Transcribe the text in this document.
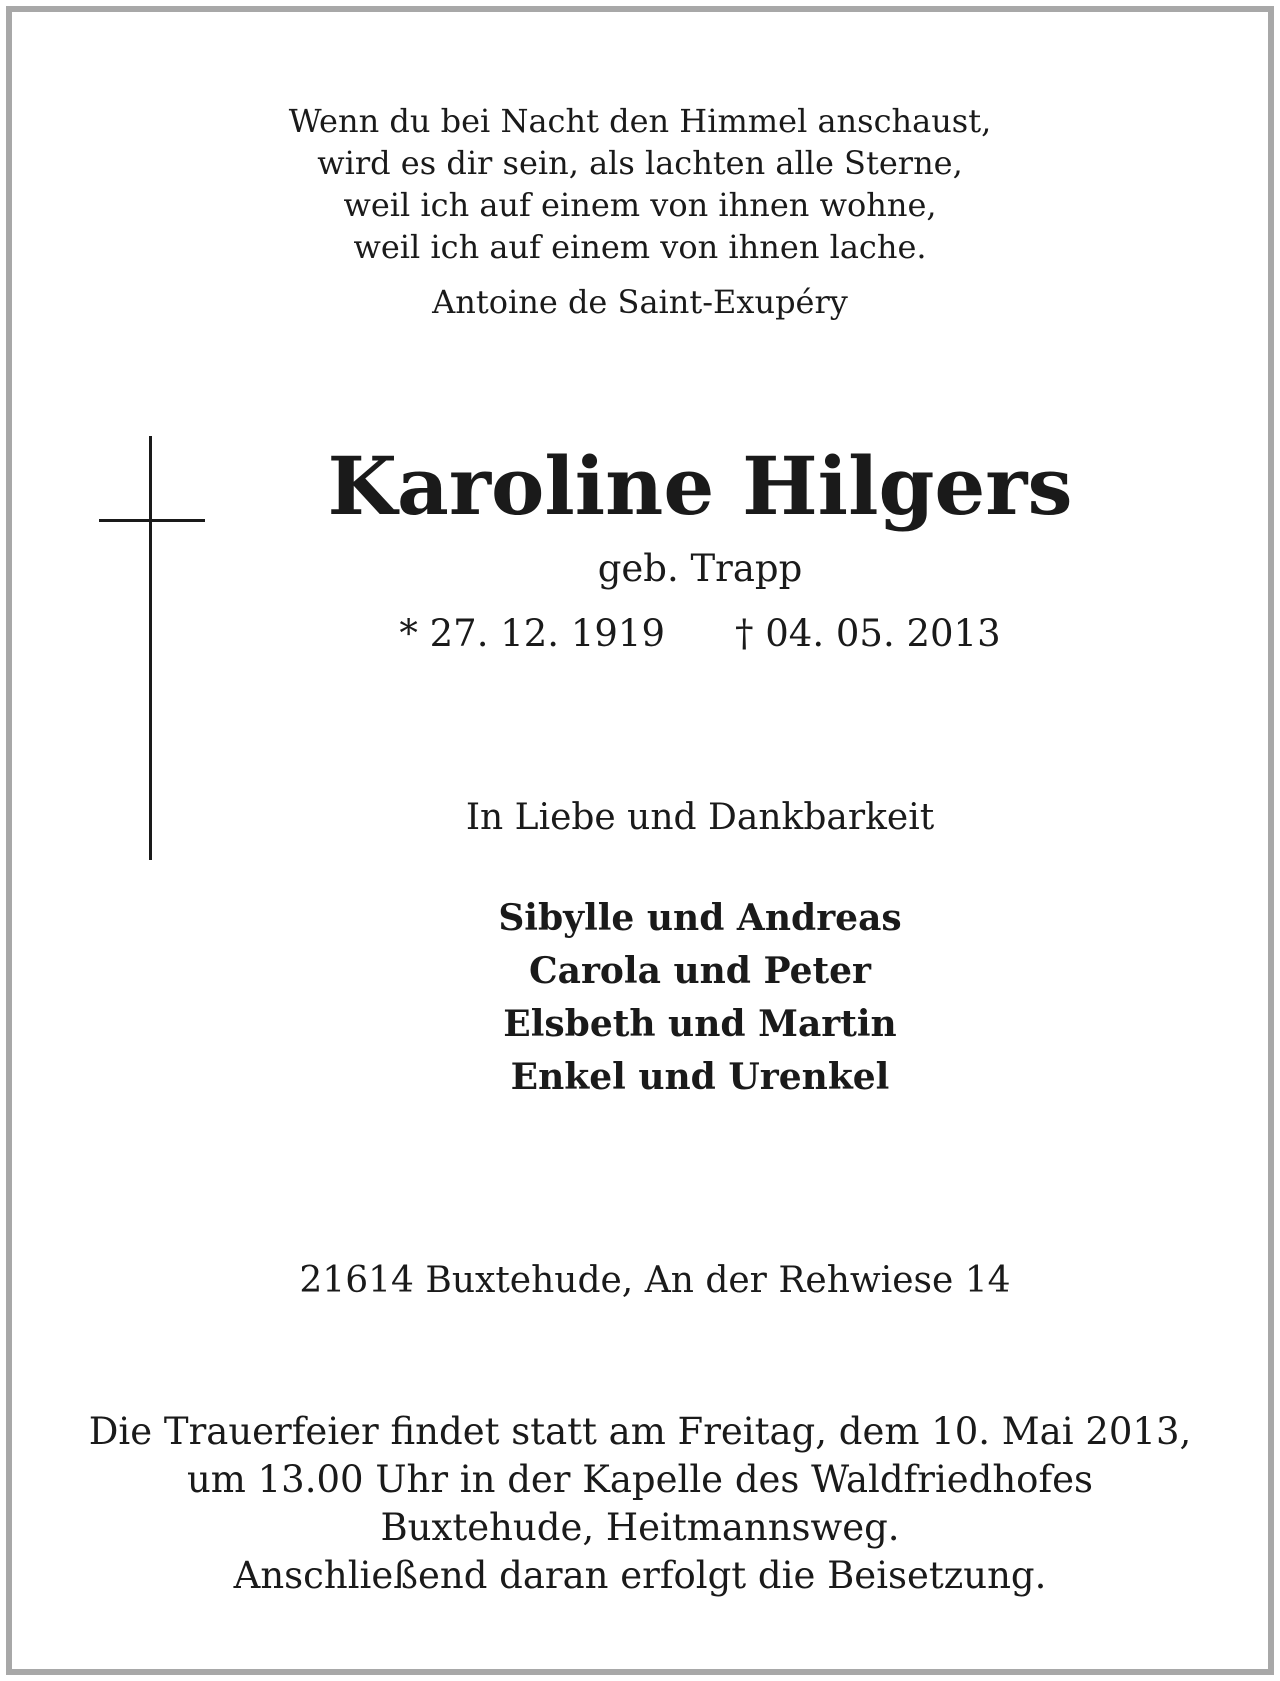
Wenn du bei Nacht den Himmel anschaust,
wird es dir sein, als lachten alle Sterne,
weil ich auf einem von ihnen wohne,
weil ich auf einem von ihnen lache.
Antoine de Saint-Exupéry
Karoline Hilgers
geb. Trapp
* 27. 12. 1919 † 04. 05. 2013
In Liebe und Dankbarkeit
Sibylle und Andreas
Carola und Peter
Elsbeth und Martin
Enkel und Urenkel
21614 Buxtehude, An der Rehwiese 14
Die Trauerfeier findet statt am Freitag, dem 10. Mai 2013,
um 13.00 Uhr in der Kapelle des Waldfriedhofes
Buxtehude, Heitmannsweg.
Anschließend daran erfolgt die Beisetzung.
